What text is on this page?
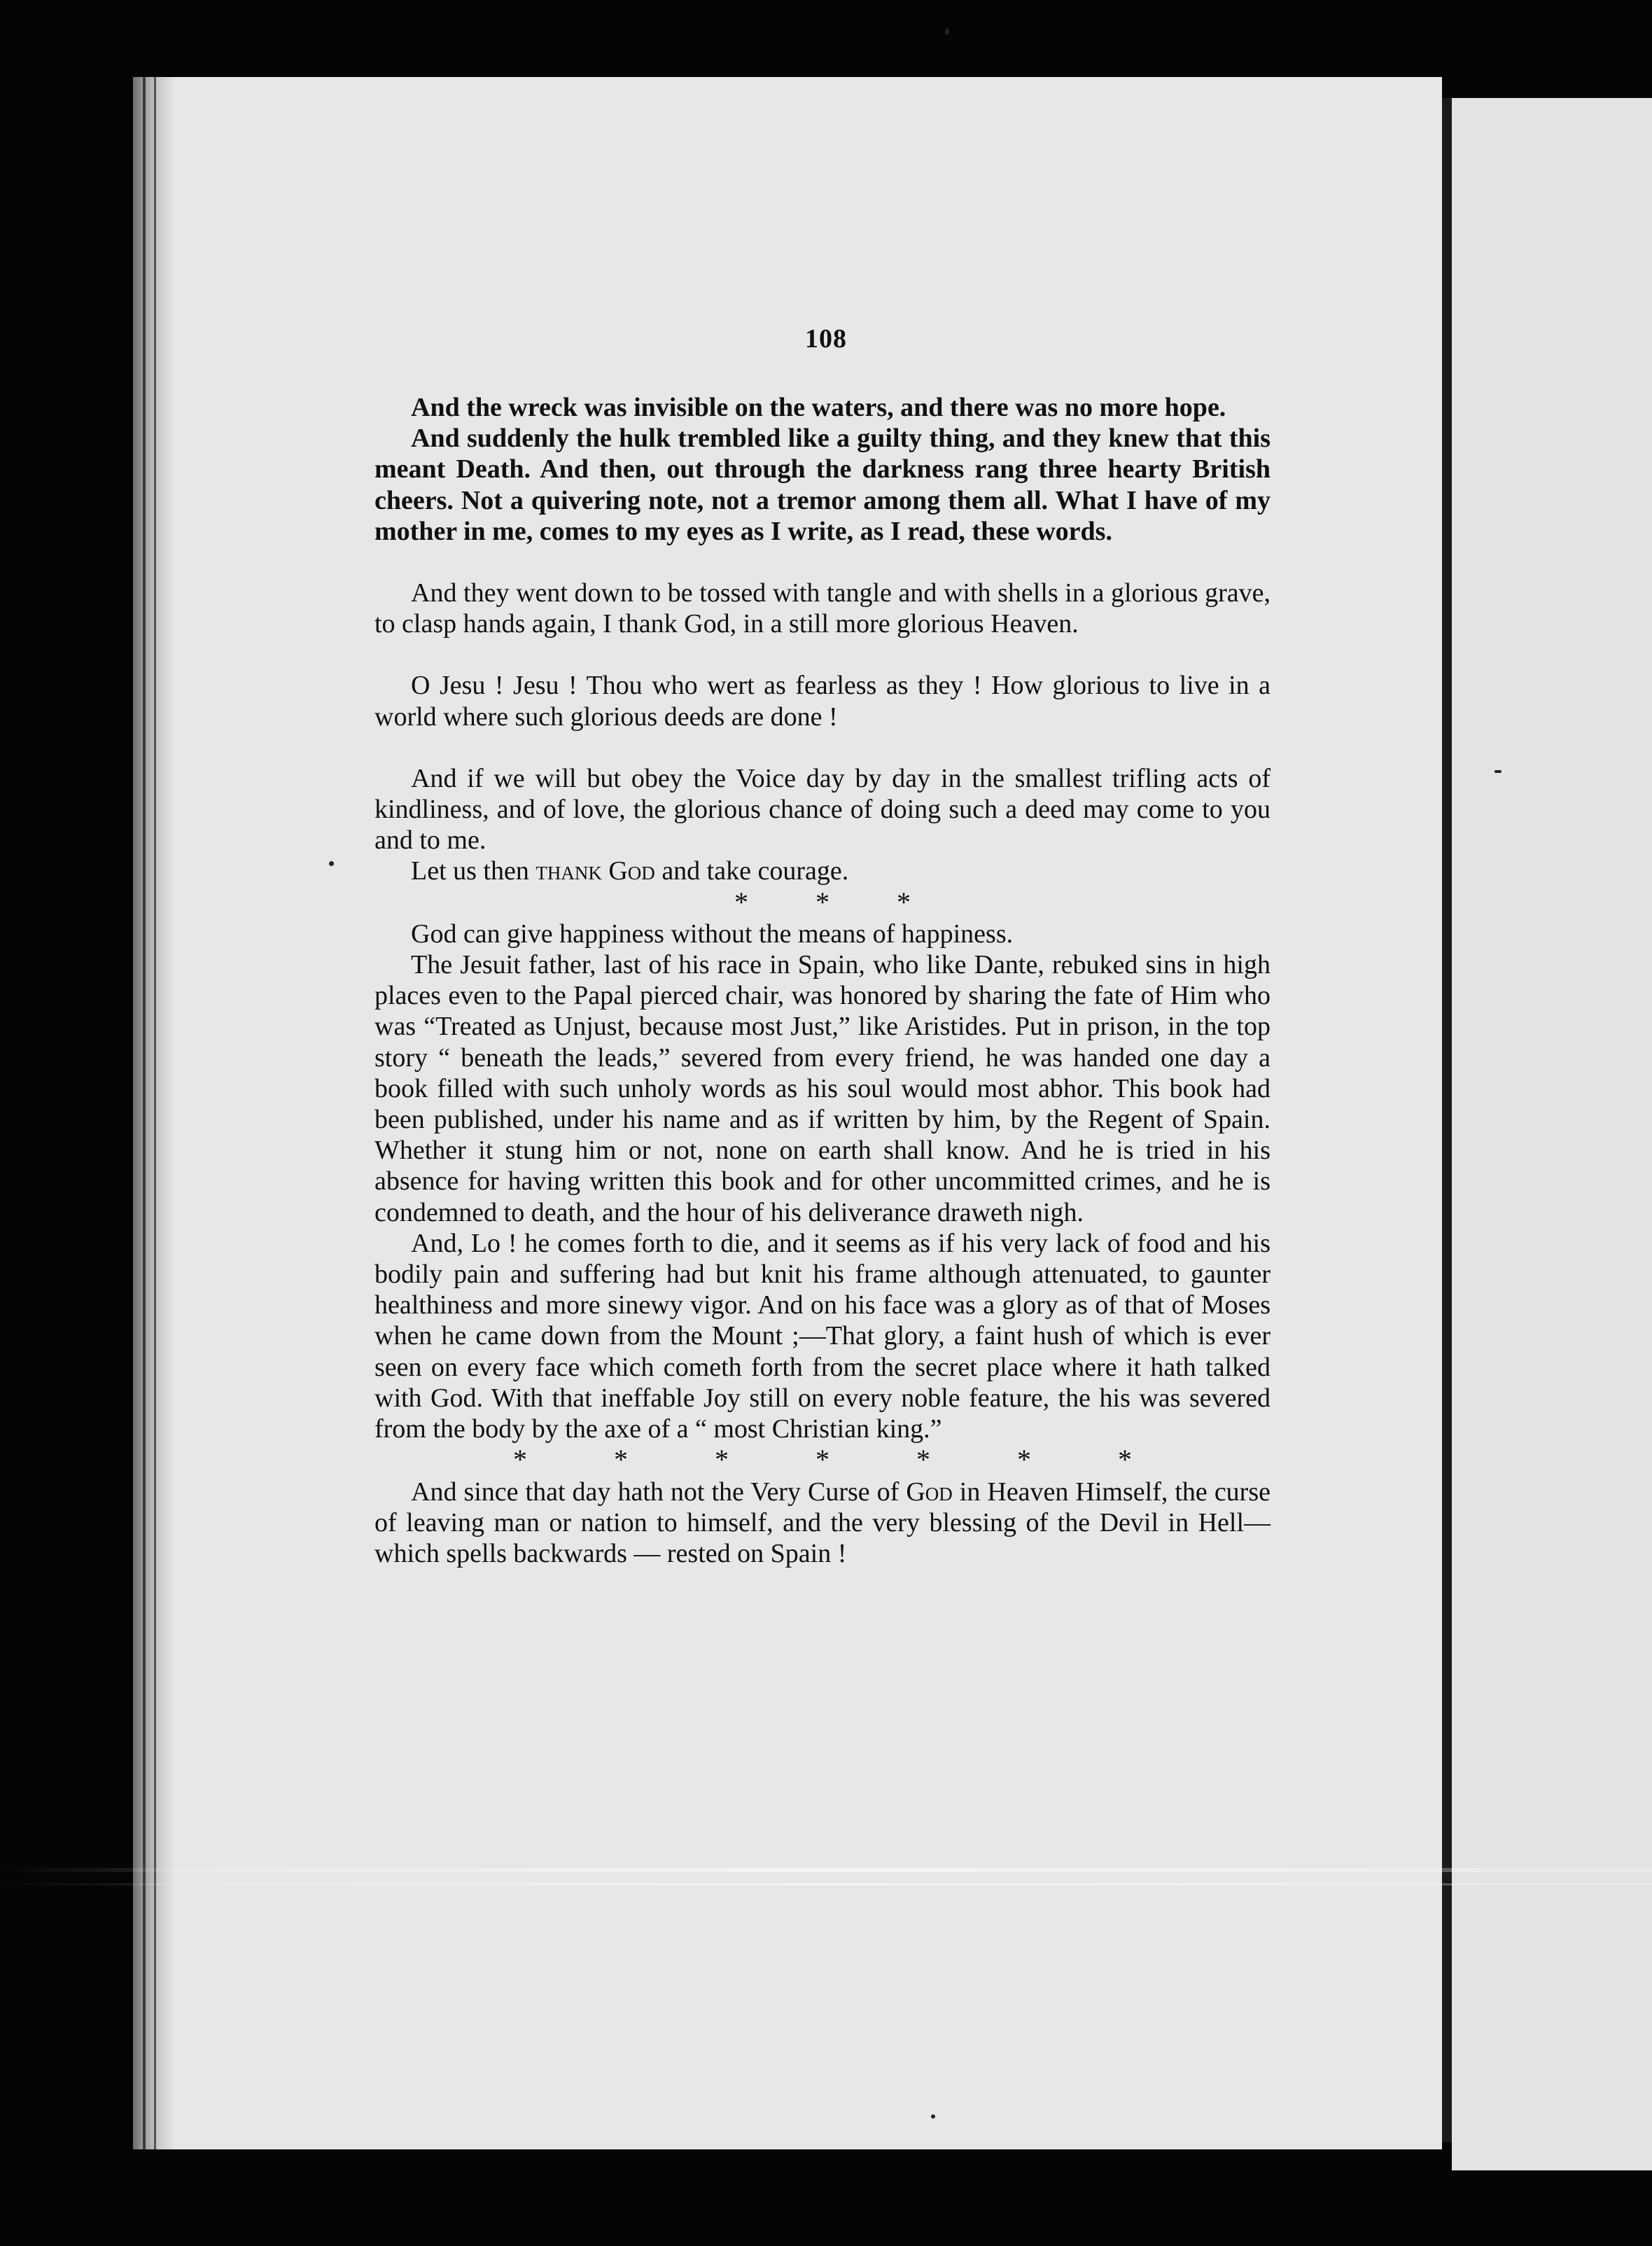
108

And the wreck was invisible on the waters, and there was no more hope.

And suddenly the hulk trembled like a guilty thing, and they knew that this meant Death. And then, out through the darkness rang three hearty British cheers. Not a quivering note, not a tremor among them all. What I have of my mother in me, comes to my eyes as I write, as I read, these words.

And they went down to be tossed with tangle and with shells in a glorious grave, to clasp hands again, I thank God, in a still more glorious Heaven.

O Jesu ! Jesu ! Thou who wert as fearless as they ! How glorious to live in a world where such glorious deeds are done !

And if we will but obey the Voice day by day in the smallest trifling acts of kindliness, and of love, the glorious chance of doing such a deed may come to you and to me.

Let us then thank God and take courage.

* * *

God can give happiness without the means of happiness.

The Jesuit father, last of his race in Spain, who like Dante, rebuked sins in high places even to the Papal pierced chair, was honored by sharing the fate of Him who was “Treated as Unjust, because most Just,” like Aristides. Put in prison, in the top story “ beneath the leads,” severed from every friend, he was handed one day a book filled with such unholy words as his soul would most abhor. This book had been published, under his name and as if written by him, by the Regent of Spain. Whether it stung him or not, none on earth shall know. And he is tried in his absence for having written this book and for other uncommitted crimes, and he is condemned to death, and the hour of his deliverance draweth nigh.

And, Lo ! he comes forth to die, and it seems as if his very lack of food and his bodily pain and suffering had but knit his frame although attenuated, to gaunter healthiness and more sinewy vigor. And on his face was a glory as of that of Moses when he came down from the Mount ;—That glory, a faint hush of which is ever seen on every face which cometh forth from the secret place where it hath talked with God. With that ineffable Joy still on every noble feature, the his was severed from the body by the axe of a “ most Christian king.”

*	*	*	*	*	*	*

And since that day hath not the Very Curse of God in Heaven Himself, the curse of leaving man or nation to himself, and the very blessing of the Devil in Hell—which spells backwards — rested on Spain !
